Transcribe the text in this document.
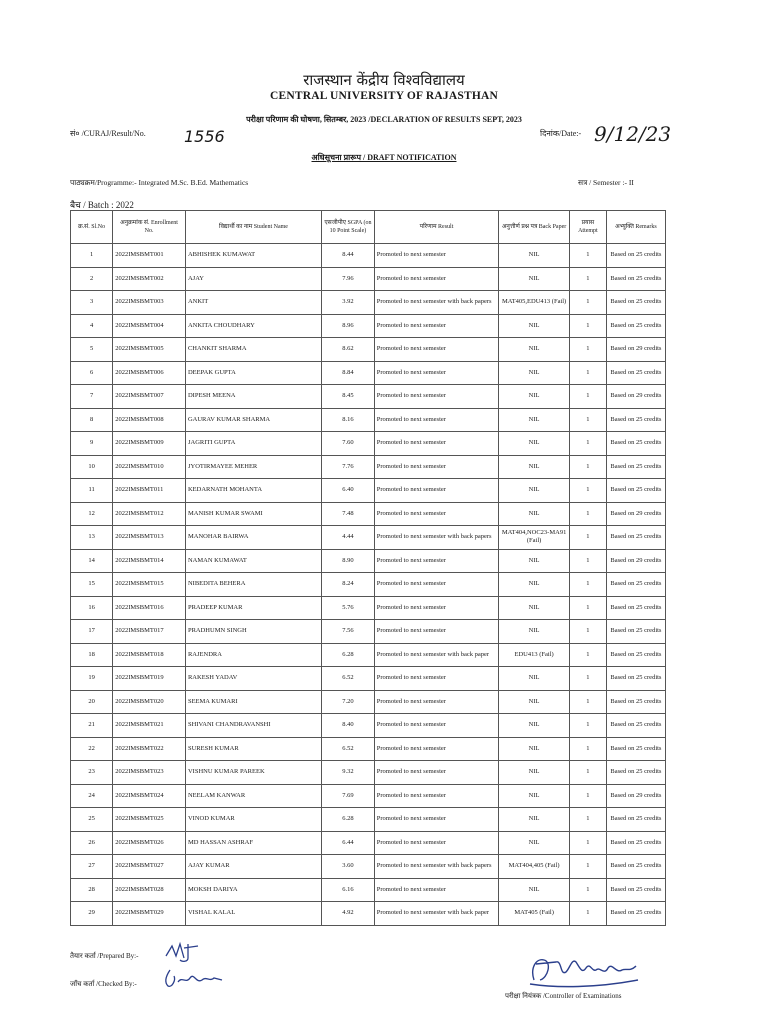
राजस्थान केंद्रीय विश्वविद्यालय
CENTRAL UNIVERSITY OF RAJASTHAN
परीक्षा परिणाम की घोषणा, सितम्बर, 2023 /DECLARATION OF RESULTS SEPT, 2023
सं० /CURAJ/Result/No. 1556	दिनांक/Date:- 9/12/23
अधिसूचना प्रारूप / DRAFT NOTIFICATION
पाठ्यक्रम/Programme:- Integrated M.Sc. B.Ed. Mathematics	सत्र / Semester :- II
बैच / Batch : 2022
क्र.सं. Sl.No	अनुक्रमांक सं. Enrollment No.	विद्यार्थी का नाम Student Name	एसजीपीए SGPA (on 10 Point Scale)	परिणाम Result	अनुत्तीर्ण प्रश्न पत्र Back Paper	प्रयास Attempt	अभ्युक्ति Remarks
1	2022IMSBMT001	ABHISHEK KUMAWAT	8.44	Promoted to next semester	NIL	1	Based on 25 credits
2	2022IMSBMT002	AJAY	7.96	Promoted to next semester	NIL	1	Based on 25 credits
3	2022IMSBMT003	ANKIT	3.92	Promoted to next semester with back papers	MAT405,EDU413 (Fail)	1	Based on 25 credits
4	2022IMSBMT004	ANKITA CHOUDHARY	8.96	Promoted to next semester	NIL	1	Based on 25 credits
5	2022IMSBMT005	CHANKIT SHARMA	8.62	Promoted to next semester	NIL	1	Based on 29 credits
6	2022IMSBMT006	DEEPAK GUPTA	8.84	Promoted to next semester	NIL	1	Based on 25 credits
7	2022IMSBMT007	DIPESH MEENA	8.45	Promoted to next semester	NIL	1	Based on 29 credits
8	2022IMSBMT008	GAURAV KUMAR SHARMA	8.16	Promoted to next semester	NIL	1	Based on 25 credits
9	2022IMSBMT009	JAGRITI GUPTA	7.60	Promoted to next semester	NIL	1	Based on 25 credits
10	2022IMSBMT010	JYOTIRMAYEE MEHER	7.76	Promoted to next semester	NIL	1	Based on 25 credits
11	2022IMSBMT011	KEDARNATH MOHANTA	6.40	Promoted to next semester	NIL	1	Based on 25 credits
12	2022IMSBMT012	MANISH KUMAR SWAMI	7.48	Promoted to next semester	NIL	1	Based on 29 credits
13	2022IMSBMT013	MANOHAR BAIRWA	4.44	Promoted to next semester with back papers	MAT404,NOC23-MA91 (Fail)	1	Based on 25 credits
14	2022IMSBMT014	NAMAN KUMAWAT	8.90	Promoted to next semester	NIL	1	Based on 29 credits
15	2022IMSBMT015	NIBEDITA BEHERA	8.24	Promoted to next semester	NIL	1	Based on 25 credits
16	2022IMSBMT016	PRADEEP KUMAR	5.76	Promoted to next semester	NIL	1	Based on 25 credits
17	2022IMSBMT017	PRADHUMN SINGH	7.56	Promoted to next semester	NIL	1	Based on 25 credits
18	2022IMSBMT018	RAJENDRA	6.28	Promoted to next semester with back paper	EDU413 (Fail)	1	Based on 25 credits
19	2022IMSBMT019	RAKESH YADAV	6.52	Promoted to next semester	NIL	1	Based on 25 credits
20	2022IMSBMT020	SEEMA KUMARI	7.20	Promoted to next semester	NIL	1	Based on 25 credits
21	2022IMSBMT021	SHIVANI CHANDRAVANSHI	8.40	Promoted to next semester	NIL	1	Based on 25 credits
22	2022IMSBMT022	SURESH KUMAR	6.52	Promoted to next semester	NIL	1	Based on 25 credits
23	2022IMSBMT023	VISHNU KUMAR PAREEK	9.32	Promoted to next semester	NIL	1	Based on 25 credits
24	2022IMSBMT024	NEELAM KANWAR	7.69	Promoted to next semester	NIL	1	Based on 29 credits
25	2022IMSBMT025	VINOD KUMAR	6.28	Promoted to next semester	NIL	1	Based on 25 credits
26	2022IMSBMT026	MD HASSAN ASHRAF	6.44	Promoted to next semester	NIL	1	Based on 25 credits
27	2022IMSBMT027	AJAY KUMAR	3.60	Promoted to next semester with back papers	MAT404,405 (Fail)	1	Based on 25 credits
28	2022IMSBMT028	MOKSH DARIYA	6.16	Promoted to next semester	NIL	1	Based on 25 credits
29	2022IMSBMT029	VISHAL KALAL	4.92	Promoted to next semester with back paper	MAT405 (Fail)	1	Based on 25 credits
तैयार कर्ता /Prepared By:-
जाँच कर्ता /Checked By:-
परीक्षा नियंत्रक /Controller of Examinations
